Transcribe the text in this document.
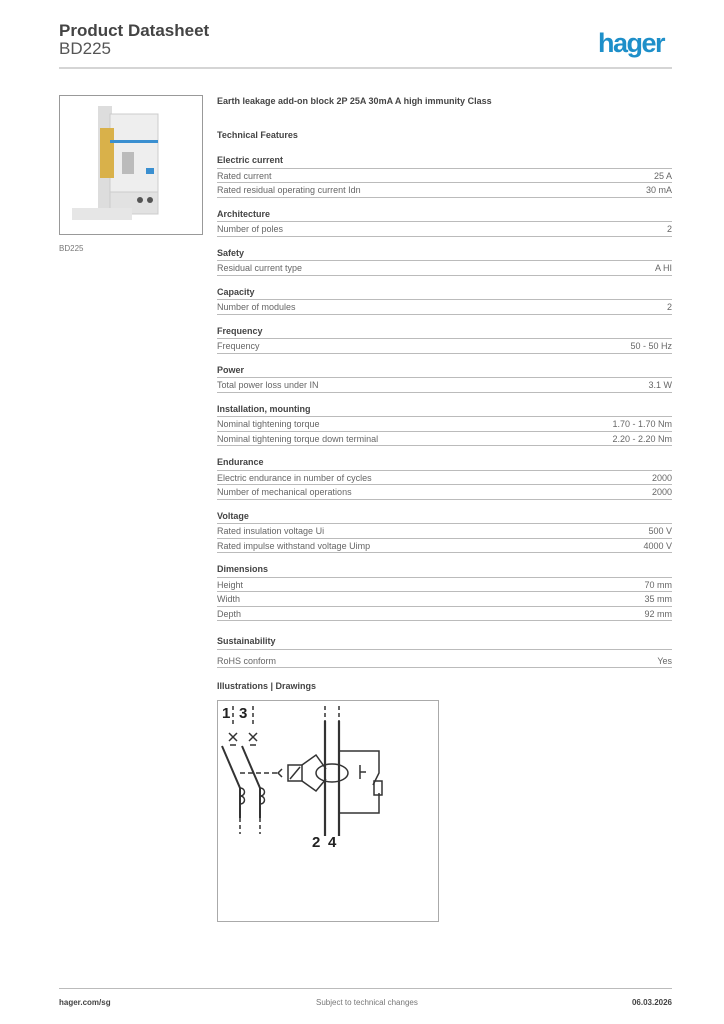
Product Datasheet
BD225	hager
BD225
Earth leakage add-on block 2P 25A 30mA A high immunity Class
Technical Features
Electric current
Rated current	25 A
Rated residual operating current Idn	30 mA
Architecture
Number of poles	2
Safety
Residual current type	A HI
Capacity
Number of modules	2
Frequency
Frequency	50 - 50 Hz
Power
Total power loss under IN	3.1 W
Installation, mounting
Nominal tightening torque	1.70 - 1.70 Nm
Nominal tightening torque down terminal	2.20 - 2.20 Nm
Endurance
Electric endurance in number of cycles	2000
Number of mechanical operations	2000
Voltage
Rated insulation voltage Ui	500 V
Rated impulse withstand voltage Uimp	4000 V
Dimensions
Height	70 mm
Width	35 mm
Depth	92 mm
Sustainability
RoHS conform	Yes
Illustrations | Drawings
1 3
2 4
hager.com/sg	Subject to technical changes	06.03.2026
